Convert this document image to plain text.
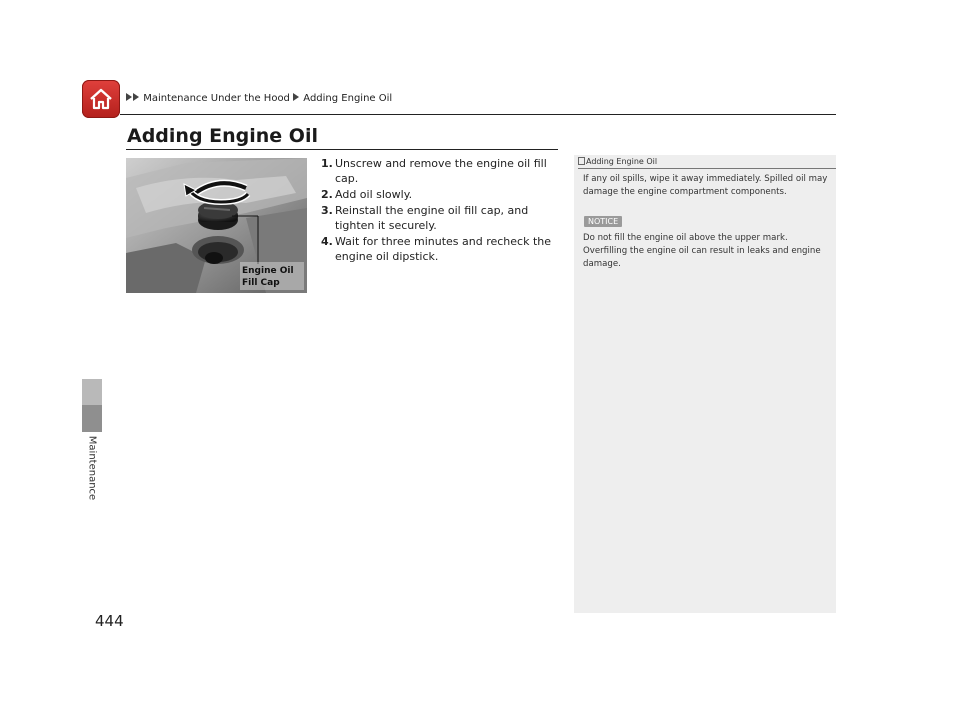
Maintenance Under the Hood Adding Engine Oil
Maintenance
Adding Engine Oil
Engine Oil
Fill Cap
1. Unscrew and remove the engine oil fill cap.
2. Add oil slowly.
3. Reinstall the engine oil fill cap, and tighten it securely.
4. Wait for three minutes and recheck the engine oil dipstick.
Adding Engine Oil
If any oil spills, wipe it away immediately. Spilled oil may damage the engine compartment components.
NOTICE
Do not fill the engine oil above the upper mark. Overfilling the engine oil can result in leaks and engine damage.
444
